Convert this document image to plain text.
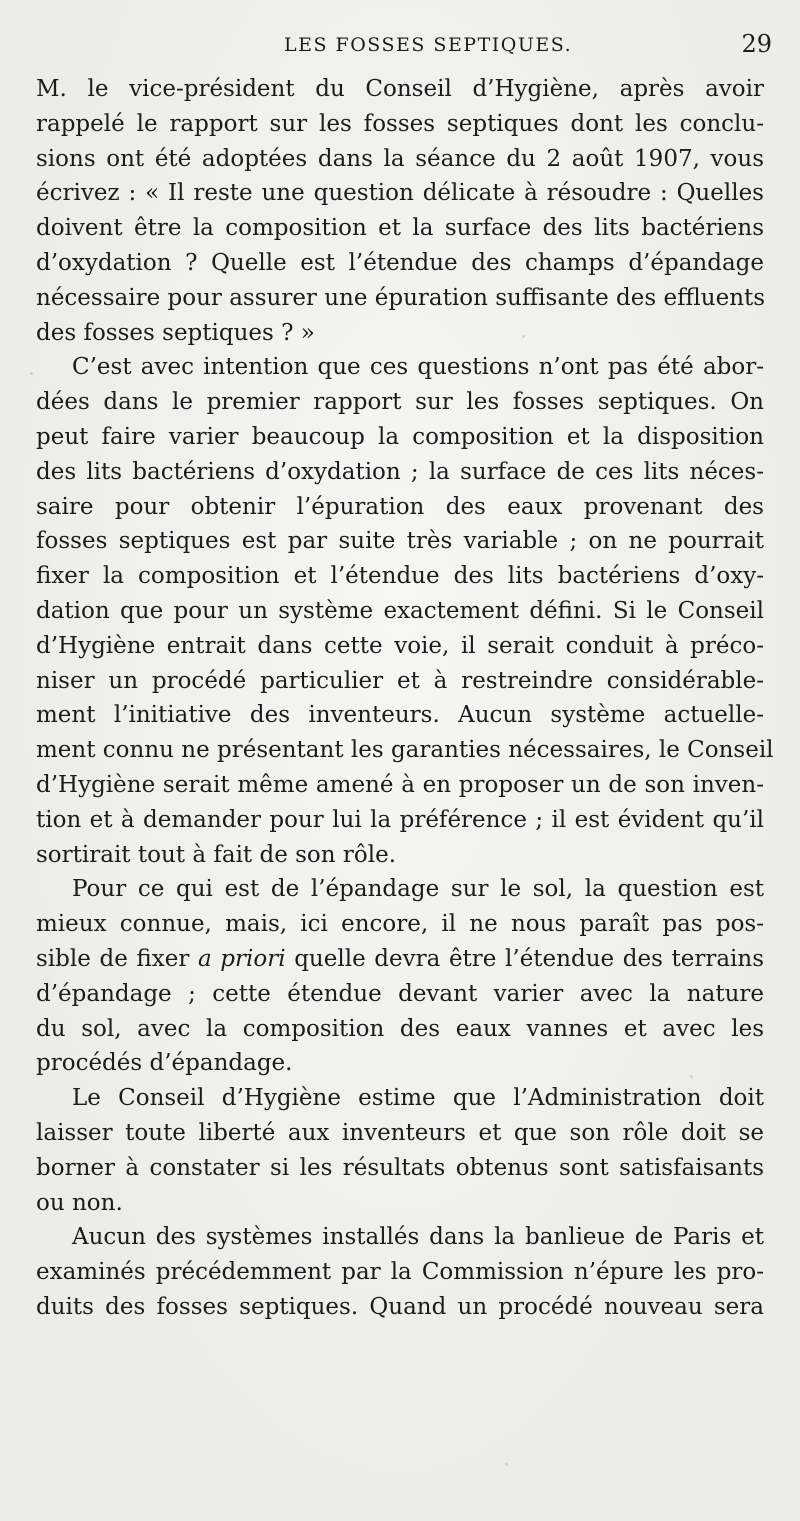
LES FOSSES SEPTIQUES.	29
M. le vice-président du Conseil d’Hygiène, après avoir
rappelé le rapport sur les fosses septiques dont les conclu-
sions ont été adoptées dans la séance du 2 août 1907, vous
écrivez : « Il reste une question délicate à résoudre : Quelles
doivent être la composition et la surface des lits bactériens
d’oxydation ? Quelle est l’étendue des champs d’épandage
nécessaire pour assurer une épuration suffisante des effluents
des fosses septiques ? »
C’est avec intention que ces questions n’ont pas été abor-
dées dans le premier rapport sur les fosses septiques. On
peut faire varier beaucoup la composition et la disposition
des lits bactériens d’oxydation ; la surface de ces lits néces-
saire pour obtenir l’épuration des eaux provenant des
fosses septiques est par suite très variable ; on ne pourrait
fixer la composition et l’étendue des lits bactériens d’oxy-
dation que pour un système exactement défini. Si le Conseil
d’Hygiène entrait dans cette voie, il serait conduit à préco-
niser un procédé particulier et à restreindre considérable-
ment l’initiative des inventeurs. Aucun système actuelle-
ment connu ne présentant les garanties nécessaires, le Conseil
d’Hygiène serait même amené à en proposer un de son inven-
tion et à demander pour lui la préférence ; il est évident qu’il
sortirait tout à fait de son rôle.
Pour ce qui est de l’épandage sur le sol, la question est
mieux connue, mais, ici encore, il ne nous paraît pas pos-
sible de fixer a priori quelle devra être l’étendue des terrains
d’épandage ; cette étendue devant varier avec la nature
du sol, avec la composition des eaux vannes et avec les
procédés d’épandage.
Le Conseil d’Hygiène estime que l’Administration doit
laisser toute liberté aux inventeurs et que son rôle doit se
borner à constater si les résultats obtenus sont satisfaisants
ou non.
Aucun des systèmes installés dans la banlieue de Paris et
examinés précédemment par la Commission n’épure les pro-
duits des fosses septiques. Quand un procédé nouveau sera
